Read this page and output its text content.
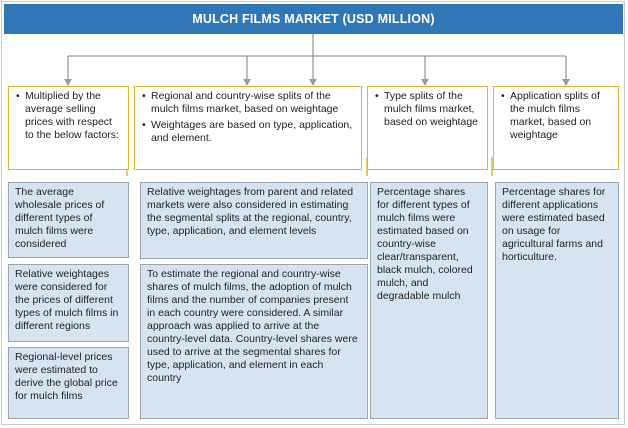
MULCH FILMS MARKET (USD MILLION)
• Multiplied by the average selling prices with respect to the below factors:
• Regional and country-wise splits of the mulch films market, based on weightage
• Weightages are based on type, application, and element.
• Type splits of the mulch films market, based on weightage
• Application splits of the mulch films market, based on weightage
The average wholesale prices of different types of mulch films were considered
Relative weightages were considered for the prices of different types of mulch films in different regions
Regional-level prices were estimated to derive the global price for mulch films
Relative weightages from parent and related markets were also considered in estimating the segmental splits at the regional, country, type, application, and element levels
To estimate the regional and country-wise shares of mulch films, the adoption of mulch films and the number of companies present in each country were considered. A similar approach was applied to arrive at the country-level data. Country-level shares were used to arrive at the segmental shares for type, application, and element in each country
Percentage shares for different types of mulch films were estimated based on country-wise clear/transparent, black mulch, colored mulch, and degradable mulch
Percentage shares for different applications were estimated based on usage for agricultural farms and horticulture.
